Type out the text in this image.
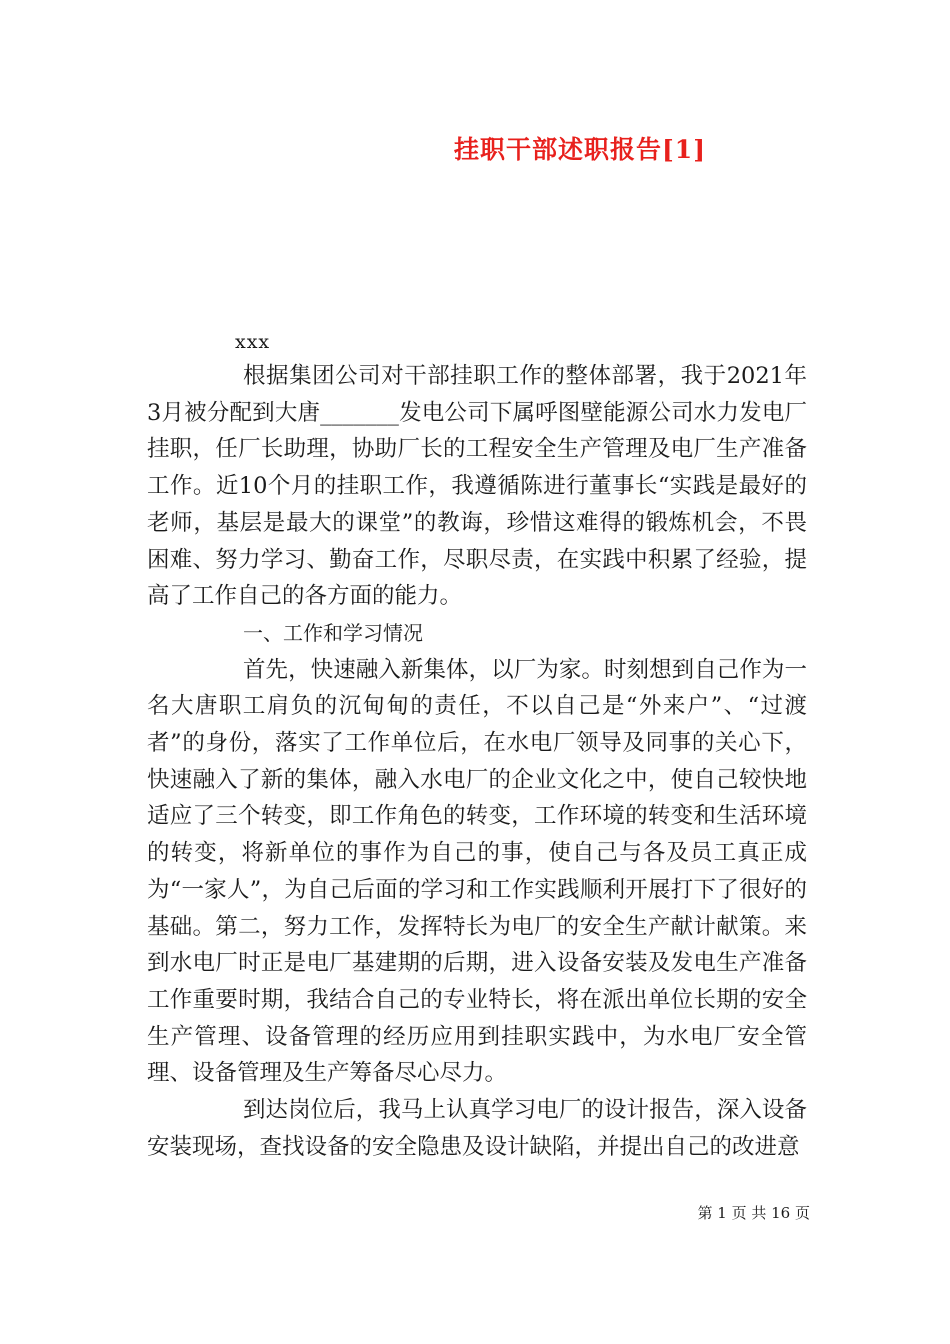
挂职干部述职报告[1]
xxx

根据集团公司对干部挂职工作的整体部署，我于2021年3月被分配到大唐_______发电公司下属呼图壁能源公司水力发电厂挂职，任厂长助理，协助厂长的工程安全生产管理及电厂生产准备工作。近10个月的挂职工作，我遵循陈进行董事长“实践是最好的老师，基层是最大的课堂”的教诲，珍惜这难得的锻炼机会，不畏困难、努力学习、勤奋工作，尽职尽责，在实践中积累了经验，提高了工作自己的各方面的能力。

一、工作和学习情况

首先，快速融入新集体，以厂为家。时刻想到自己作为一名大唐职工肩负的沉甸甸的责任，不以自己是“外来户”、“过渡者”的身份，落实了工作单位后，在水电厂领导及同事的关心下，快速融入了新的集体，融入水电厂的企业文化之中，使自己较快地适应了三个转变，即工作角色的转变，工作环境的转变和生活环境的转变，将新单位的事作为自己的事，使自己与各及员工真正成为“一家人”，为自己后面的学习和工作实践顺利开展打下了很好的基础。第二，努力工作，发挥特长为电厂的安全生产献计献策。来到水电厂时正是电厂基建期的后期，进入设备安装及发电生产准备工作重要时期，我结合自己的专业特长，将在派出单位长期的安全生产管理、设备管理的经历应用到挂职实践中，为水电厂安全管理、设备管理及生产筹备尽心尽力。

到达岗位后，我马上认真学习电厂的设计报告，深入设备安装现场，查找设备的安全隐患及设计缺陷，并提出自己的改进意

第 1 页 共 16 页
